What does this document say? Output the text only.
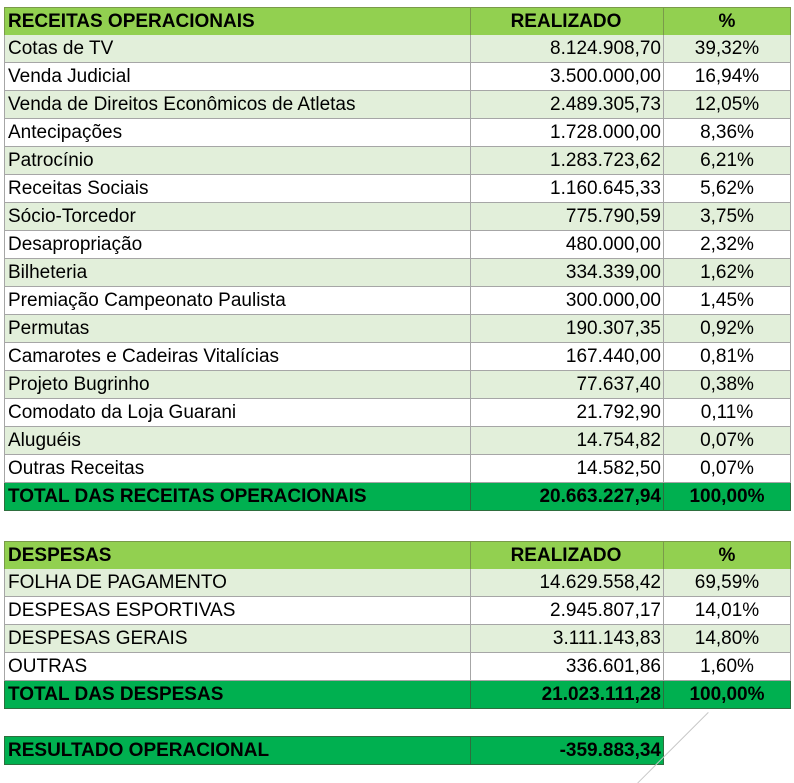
RECEITAS OPERACIONAIS	REALIZADO	%
Cotas de TV	8.124.908,70	39,32%
Venda Judicial	3.500.000,00	16,94%
Venda de Direitos Econômicos de Atletas	2.489.305,73	12,05%
Antecipações	1.728.000,00	8,36%
Patrocínio	1.283.723,62	6,21%
Receitas Sociais	1.160.645,33	5,62%
Sócio-Torcedor	775.790,59	3,75%
Desapropriação	480.000,00	2,32%
Bilheteria	334.339,00	1,62%
Premiação Campeonato Paulista	300.000,00	1,45%
Permutas	190.307,35	0,92%
Camarotes e Cadeiras Vitalícias	167.440,00	0,81%
Projeto Bugrinho	77.637,40	0,38%
Comodato da Loja Guarani	21.792,90	0,11%
Aluguéis	14.754,82	0,07%
Outras Receitas	14.582,50	0,07%
TOTAL DAS RECEITAS OPERACIONAIS	20.663.227,94	100,00%
DESPESAS	REALIZADO	%
FOLHA DE PAGAMENTO	14.629.558,42	69,59%
DESPESAS ESPORTIVAS	2.945.807,17	14,01%
DESPESAS GERAIS	3.111.143,83	14,80%
OUTRAS	336.601,86	1,60%
TOTAL DAS DESPESAS	21.023.111,28	100,00%
RESULTADO OPERACIONAL	-359.883,34
